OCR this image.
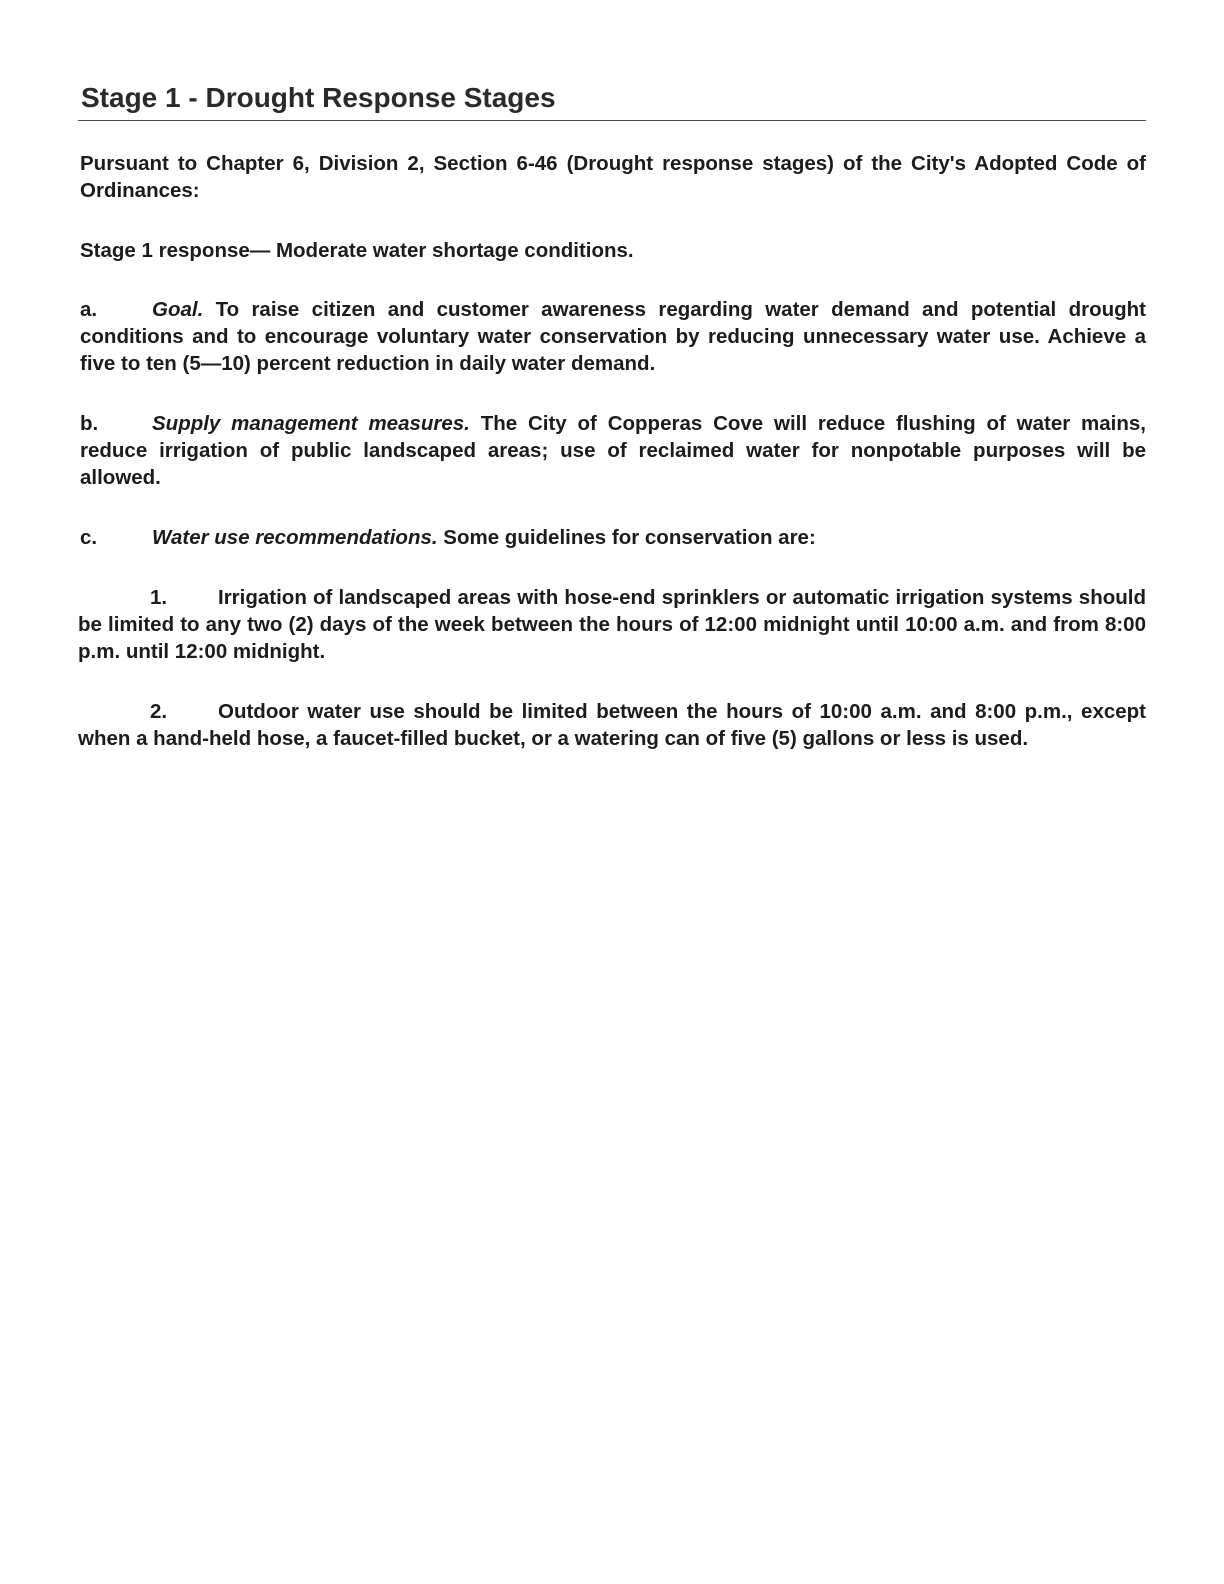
Stage 1 - Drought Response Stages

Pursuant to Chapter 6, Division 2, Section 6-46 (Drought response stages) of the City's Adopted Code of Ordinances:

Stage 1 response— Moderate water shortage conditions.

a.	Goal. To raise citizen and customer awareness regarding water demand and potential drought conditions and to encourage voluntary water conservation by reducing unnecessary water use. Achieve a five to ten (5—10) percent reduction in daily water demand.

b.	Supply management measures. The City of Copperas Cove will reduce flushing of water mains, reduce irrigation of public landscaped areas; use of reclaimed water for nonpotable purposes will be allowed.

c.	Water use recommendations. Some guidelines for conservation are:

1. Irrigation of landscaped areas with hose-end sprinklers or automatic irrigation systems should be limited to any two (2) days of the week between the hours of 12:00 midnight until 10:00 a.m. and from 8:00 p.m. until 12:00 midnight.

2. Outdoor water use should be limited between the hours of 10:00 a.m. and 8:00 p.m., except when a hand-held hose, a faucet-filled bucket, or a watering can of five (5) gallons or less is used.
